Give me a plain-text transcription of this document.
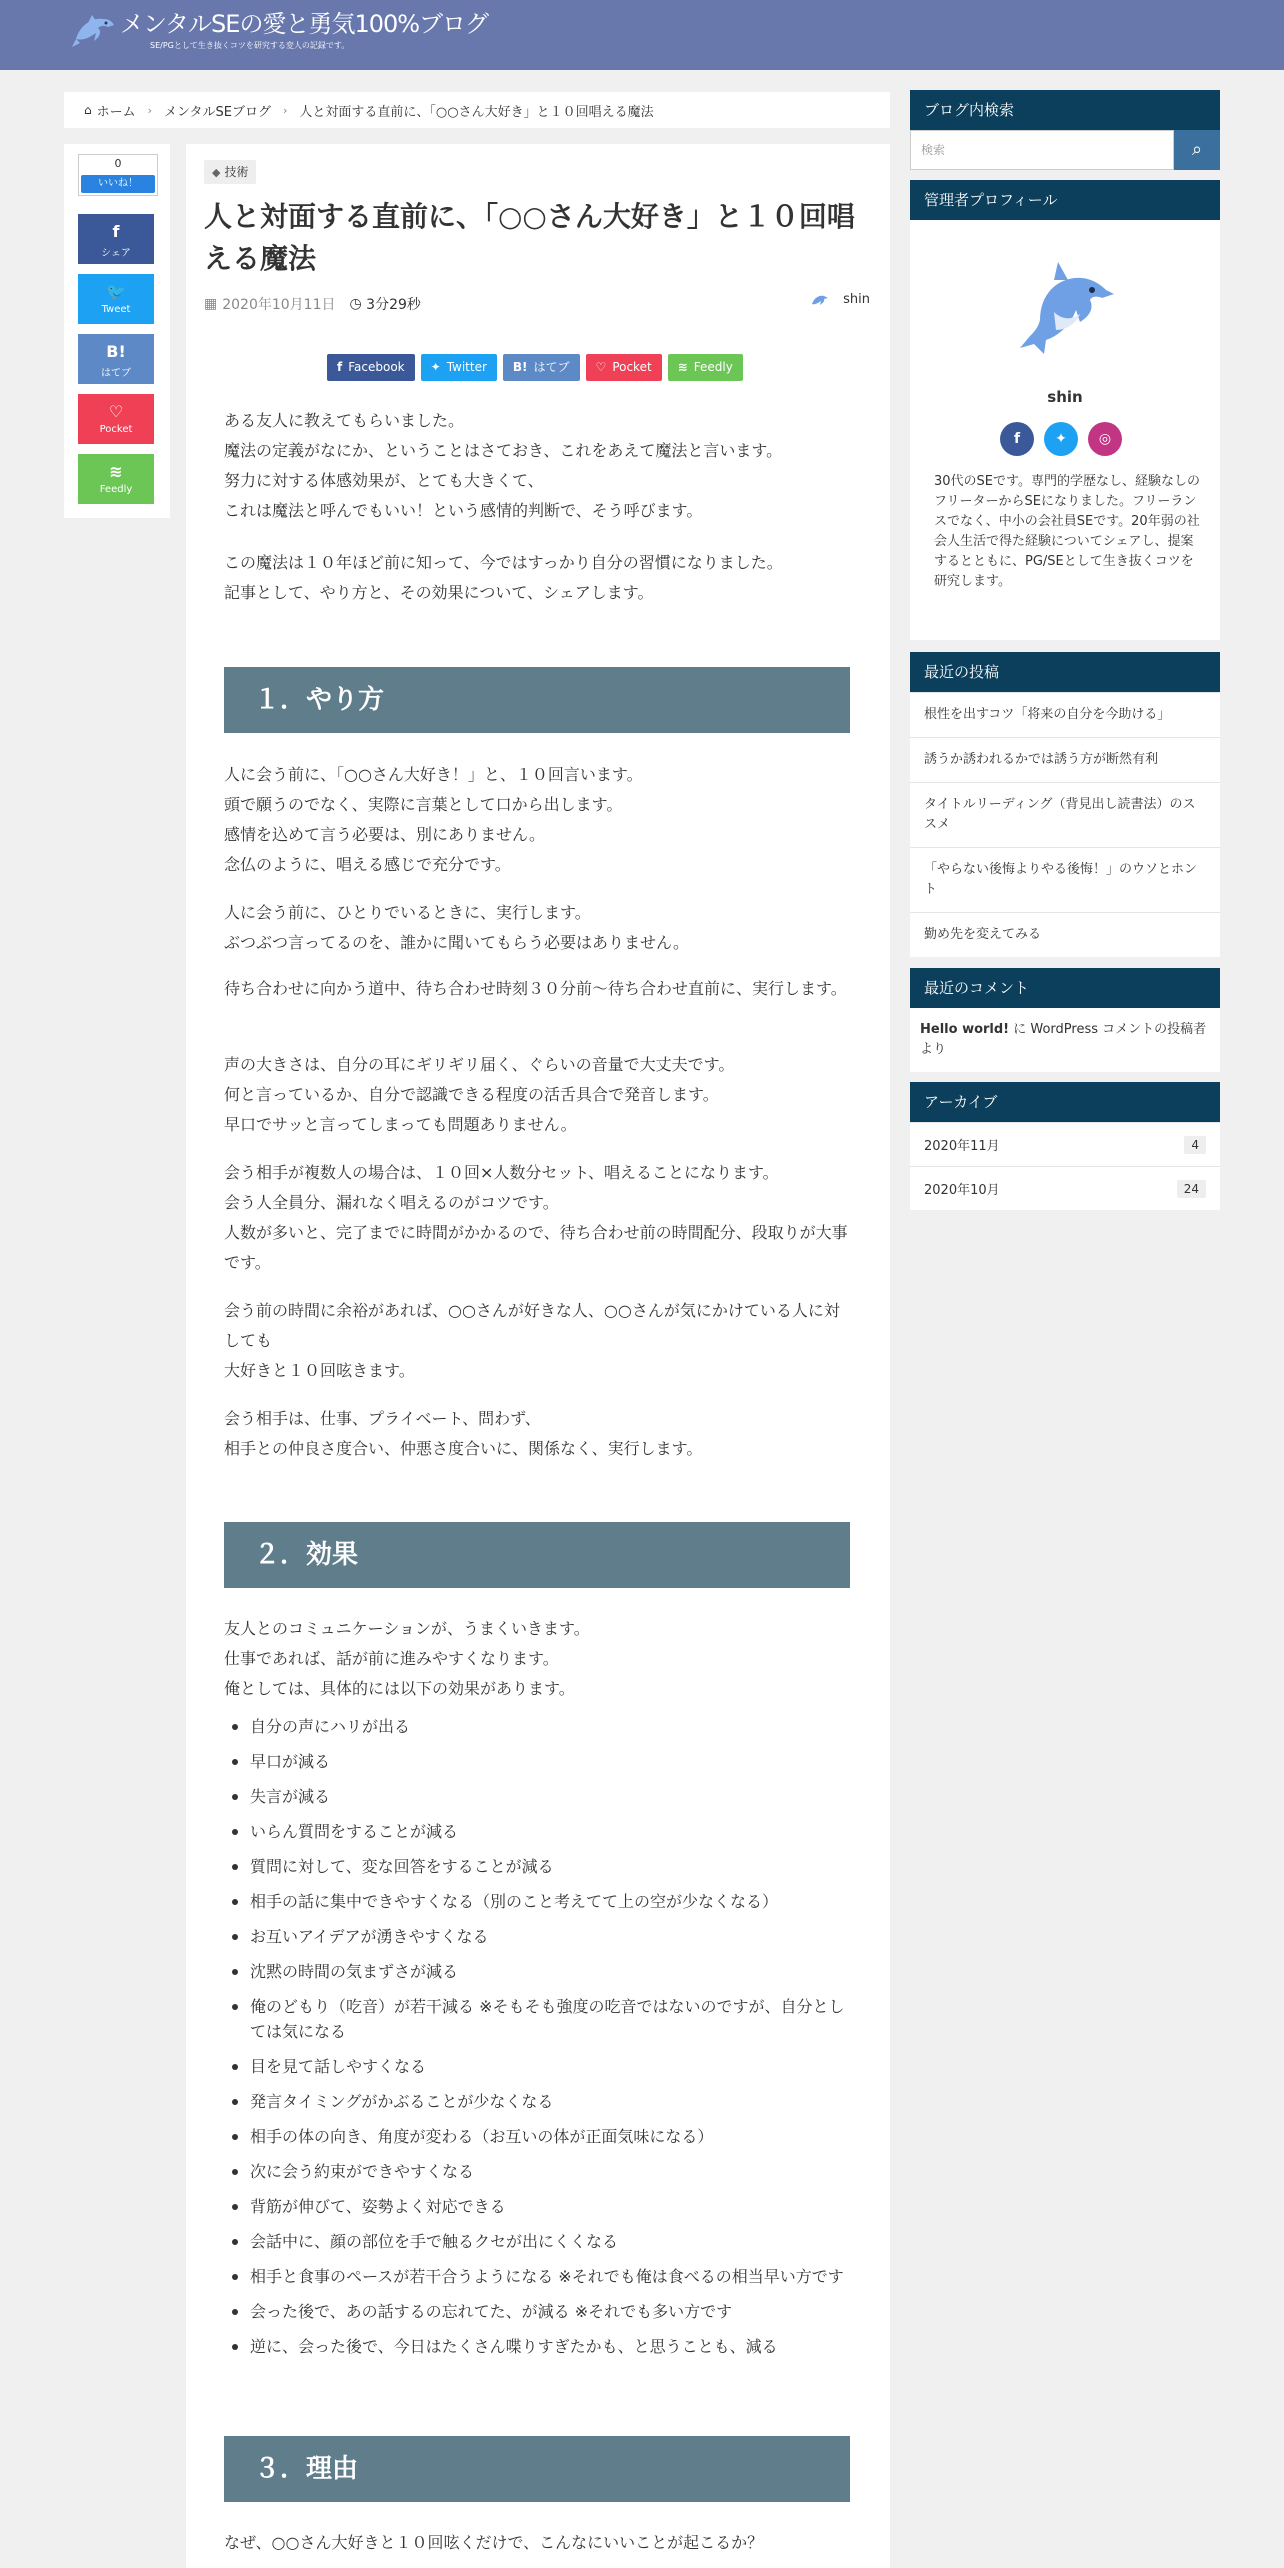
メンタルSEの愛と勇気100%ブログ
SE/PGとして生き抜くコツを研究する変人の記録です。
⌂ ホーム › メンタルSEブログ › 人と対面する直前に、「○○さん大好き」と１０回唱える魔法
0
いいね！
f
シェア
🐦
Tweet
B!
はてブ
♡
Pocket
≋
Feedly
◆ 技術
人と対面する直前に、「○○さん大好き」と１０回唱える魔法
▦ 2020年10月11日 ◷ 3分29秒	shin
f Facebook	✦ Twitter	B! はてブ	♡ Pocket	≋ Feedly
ある友人に教えてもらいました。
魔法の定義がなにか、ということはさておき、これをあえて魔法と言います。
努力に対する体感効果が、とても大きくて、
これは魔法と呼んでもいい！という感情的判断で、そう呼びます。
この魔法は１０年ほど前に知って、今ではすっかり自分の習慣になりました。
記事として、やり方と、その効果について、シェアします。
１．やり方
人に会う前に、「○○さん大好き！」と、１０回言います。
頭で願うのでなく、実際に言葉として口から出します。
感情を込めて言う必要は、別にありません。
念仏のように、唱える感じで充分です。
人に会う前に、ひとりでいるときに、実行します。
ぶつぶつ言ってるのを、誰かに聞いてもらう必要はありません。
待ち合わせに向かう道中、待ち合わせ時刻３０分前〜待ち合わせ直前に、実行します。
声の大きさは、自分の耳にギリギリ届く、ぐらいの音量で大丈夫です。
何と言っているか、自分で認識できる程度の活舌具合で発音します。
早口でサッと言ってしまっても問題ありません。
会う相手が複数人の場合は、１０回×人数分セット、唱えることになります。
会う人全員分、漏れなく唱えるのがコツです。
人数が多いと、完了までに時間がかかるので、待ち合わせ前の時間配分、段取りが大事です。
会う前の時間に余裕があれば、○○さんが好きな人、○○さんが気にかけている人に対しても
大好きと１０回呟きます。
会う相手は、仕事、プライベート、問わず、
相手との仲良さ度合い、仲悪さ度合いに、関係なく、実行します。
２．効果
友人とのコミュニケーションが、うまくいきます。
仕事であれば、話が前に進みやすくなります。
俺としては、具体的には以下の効果があります。
自分の声にハリが出る
早口が減る
失言が減る
いらん質問をすることが減る
質問に対して、変な回答をすることが減る
相手の話に集中できやすくなる（別のこと考えてて上の空が少なくなる）
お互いアイデアが湧きやすくなる
沈黙の時間の気まずさが減る
俺のどもり（吃音）が若干減る ※そもそも強度の吃音ではないのですが、自分としては気になる
目を見て話しやすくなる
発言タイミングがかぶることが少なくなる
相手の体の向き、角度が変わる（お互いの体が正面気味になる）
次に会う約束ができやすくなる
背筋が伸びて、姿勢よく対応できる
会話中に、顔の部位を手で触るクセが出にくくなる
相手と食事のペースが若干合うようになる ※それでも俺は食べるの相当早い方です
会った後で、あの話するの忘れてた、が減る ※それでも多い方です
逆に、会った後で、今日はたくさん喋りすぎたかも、と思うことも、減る
３．理由
なぜ、○○さん大好きと１０回呟くだけで、こんなにいいことが起こるか？
ブログ内検索
検索
⌕
管理者プロフィール
shin
f	✦	◎
30代のSEです。専門的学歴なし、経験なしのフリーターからSEになりました。フリーランスでなく、中小の会社員SEです。20年弱の社会人生活で得た経験についてシェアし、提案するとともに、PG/SEとして生き抜くコツを研究します。
最近の投稿
根性を出すコツ「将来の自分を今助ける」
誘うか誘われるかでは誘う方が断然有利
タイトルリーディング（背見出し読書法）のススメ
「やらない後悔よりやる後悔！」のウソとホント
勤め先を変えてみる
最近のコメント
Hello world! に WordPress コメントの投稿者 より
アーカイブ
2020年11月	4
2020年10月	24
